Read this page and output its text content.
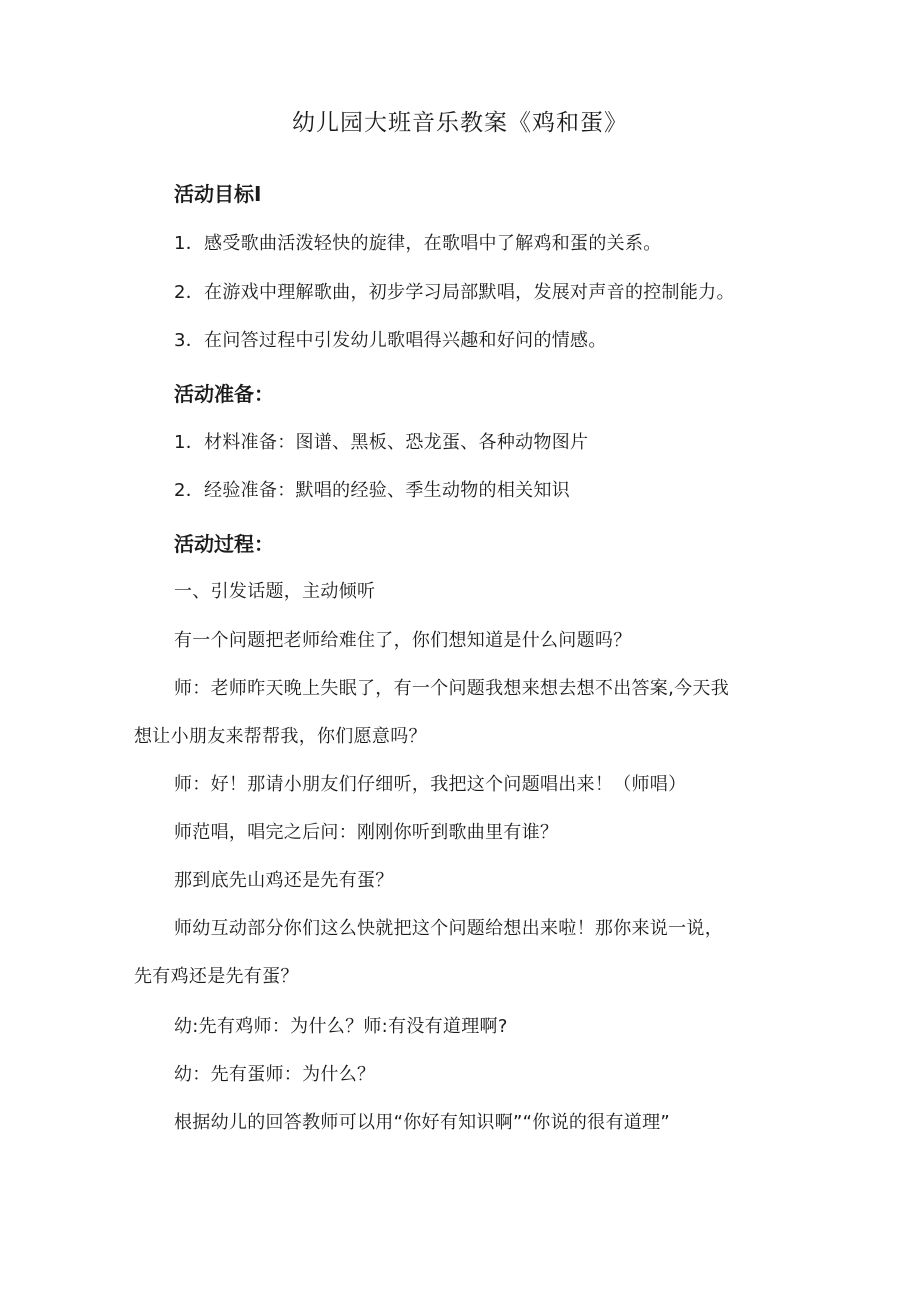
幼儿园大班音乐教案《鸡和蛋》
活动目标I
1．感受歌曲活泼轻快的旋律，在歌唱中了解鸡和蛋的关系。
2．在游戏中理解歌曲，初步学习局部默唱，发展对声音的控制能力。
3．在问答过程中引发幼儿歌唱得兴趣和好问的情感。
活动准备：
1．材料准备：图谱、黑板、恐龙蛋、各种动物图片
2．经验准备：默唱的经验、季生动物的相关知识
活动过程：
一、引发话题，主动倾听
有一个问题把老师给难住了，你们想知道是什么问题吗？
师：老师昨天晚上失眠了，有一个问题我想来想去想不出答案,今天我
想让小朋友来帮帮我，你们愿意吗？
师：好！那请小朋友们仔细听，我把这个问题唱出来！（师唱）
师范唱，唱完之后问：刚刚你听到歌曲里有谁？
那到底先山鸡还是先有蛋？
师幼互动部分你们这么快就把这个问题给想出来啦！那你来说一说，
先有鸡还是先有蛋？
幼:先有鸡师：为什么？师:有没有道理啊?
幼：先有蛋师：为什么？
根据幼儿的回答教师可以用“你好有知识啊”“你说的很有道理”
